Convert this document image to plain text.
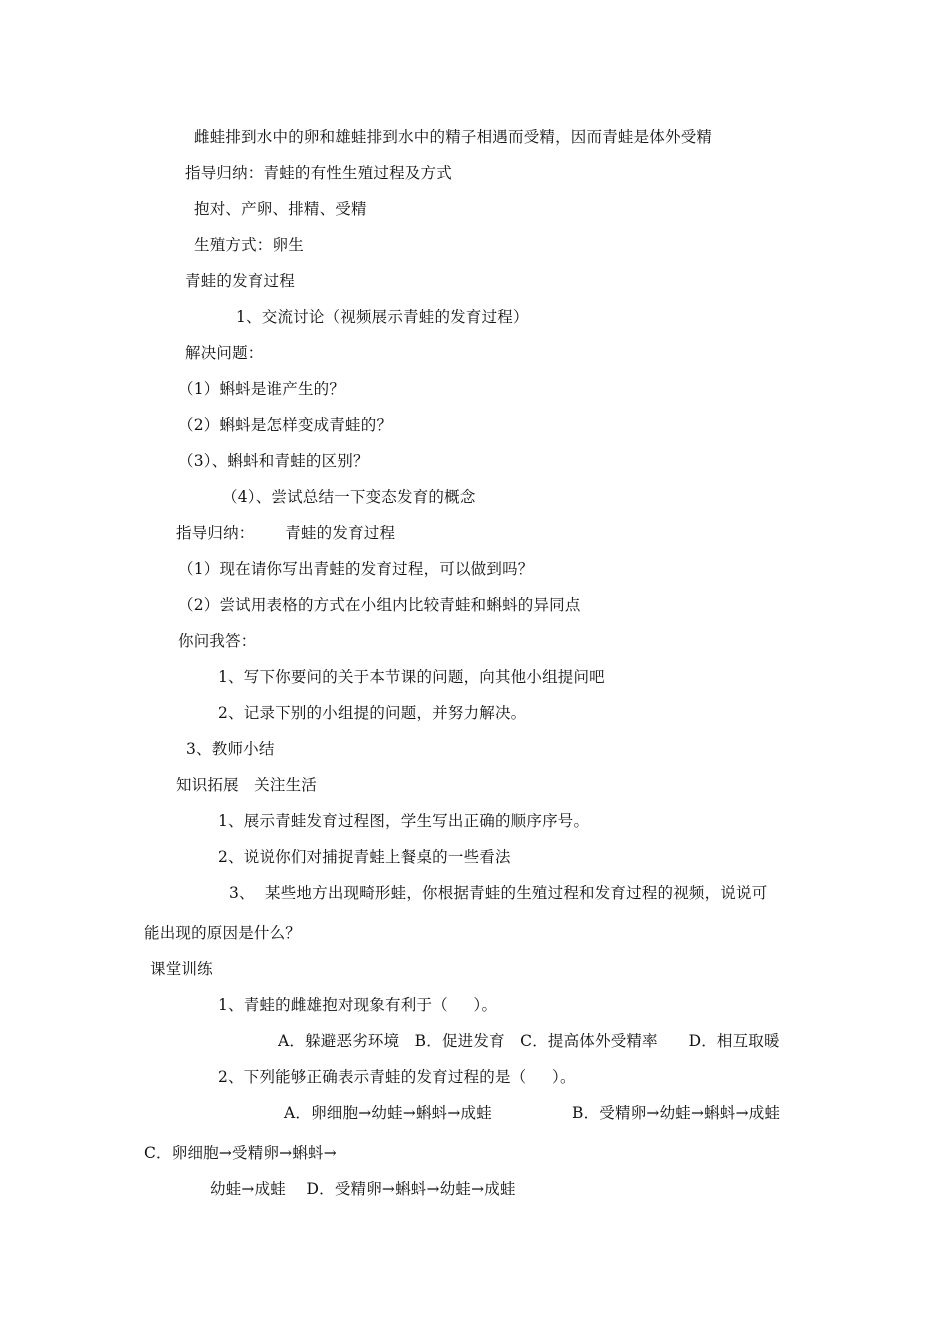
雌蛙排到水中的卵和雄蛙排到水中的精子相遇而受精，因而青蛙是体外受精
指导归纳：青蛙的有性生殖过程及方式
抱对、产卵、排精、受精
生殖方式：卵生
青蛙的发育过程
1、交流讨论（视频展示青蛙的发育过程）
解决问题：
（1）蝌蚪是谁产生的？
（2）蝌蚪是怎样变成青蛙的？
（3）、蝌蚪和青蛙的区别？
（4）、尝试总结一下变态发育的概念
指导归纳：      青蛙的发育过程
（1）现在请你写出青蛙的发育过程，可以做到吗？
（2）尝试用表格的方式在小组内比较青蛙和蝌蚪的异同点
你问我答：
1、写下你要问的关于本节课的问题，向其他小组提问吧
2、记录下别的小组提的问题，并努力解决。
3、教师小结
知识拓展   关注生活
1、展示青蛙发育过程图，学生写出正确的顺序序号。
2、说说你们对捕捉青蛙上餐桌的一些看法
3、  某些地方出现畸形蛙，你根据青蛙的生殖过程和发育过程的视频，说说可
能出现的原因是什么？
课堂训练
1、青蛙的雌雄抱对现象有利于（     ）。
A．躲避恶劣环境   B．促进发育   C．提高体外受精率      D．相互取暖
2、下列能够正确表示青蛙的发育过程的是（     ）。
A．卵细胞→幼蛙→蝌蚪→成蛙	B．受精卵→幼蛙→蝌蚪→成蛙
C．卵细胞→受精卵→蝌蚪→
幼蛙→成蛙    D．受精卵→蝌蚪→幼蛙→成蛙
